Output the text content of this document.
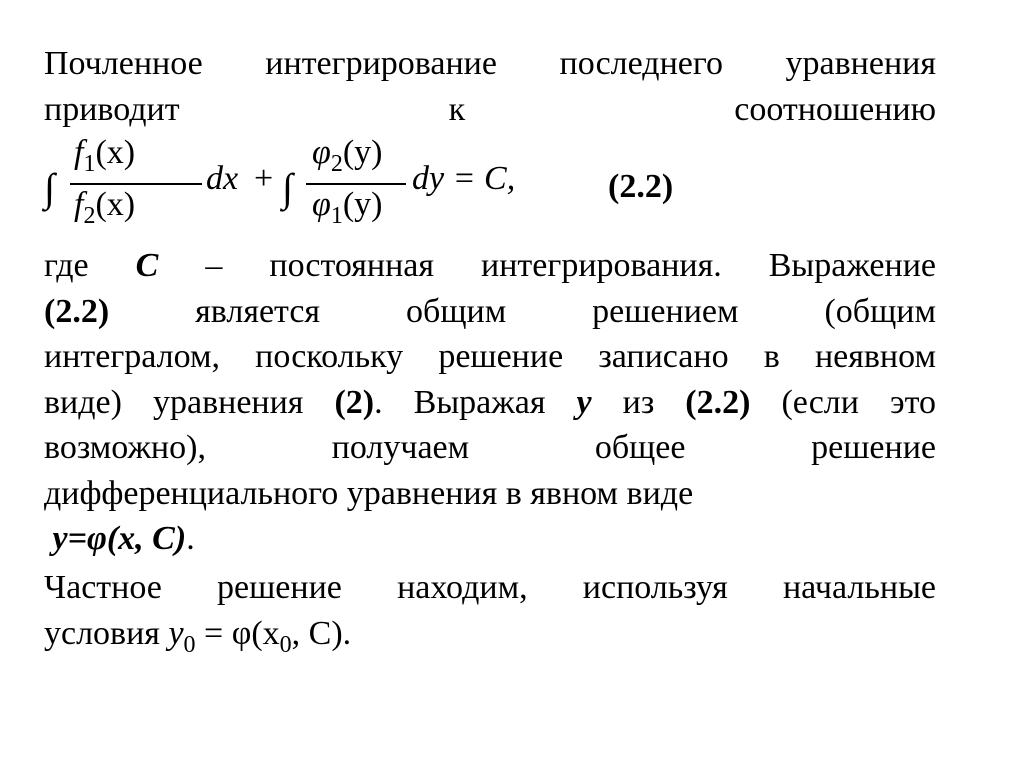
Почленное интегрирование последнего уравнения
приводит к соотношению
∫
$f_1(x)$
$f_2(x)$
dx + ∫
$\varphi_2(y)$
$\varphi_1(y)$
dy = C,	(2.2)
где C – постоянная интегрирования. Выражение
(2.2) является общим решением (общим
интегралом, поскольку решение записано в неявном
виде) уравнения (2). Выражая y из (2.2) (если это
возможно), получаем общее решение
дифференциального уравнения в явном виде
y=φ(x, C).
Частное решение находим, используя начальные
условия $y_0 = \varphi(x_0$, C).
